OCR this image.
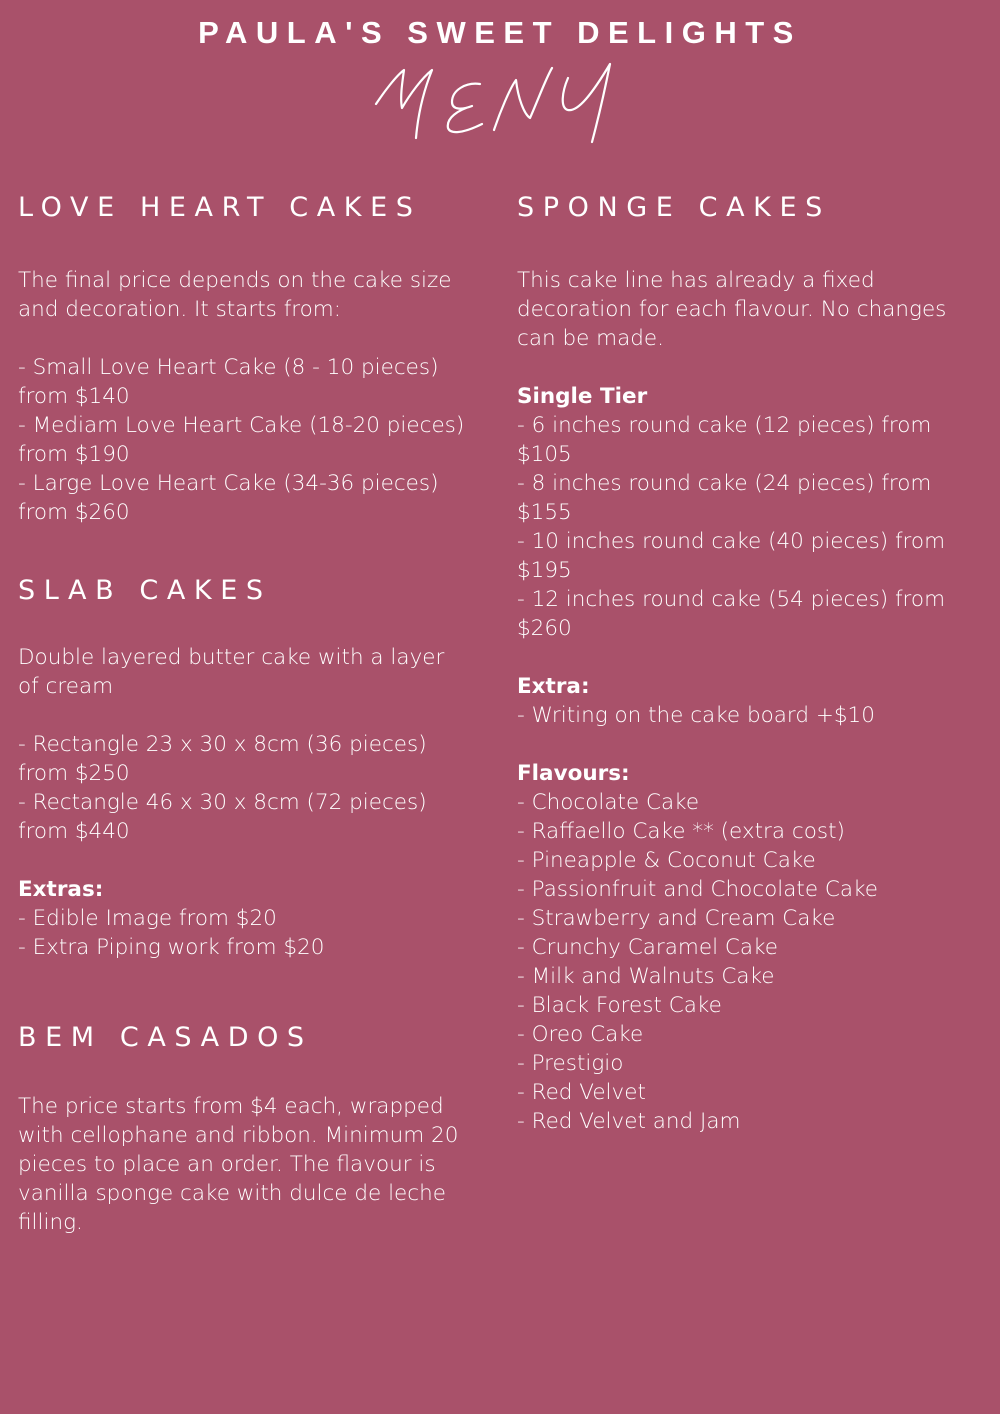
PAULA'S SWEET DELIGHTS
LOVE HEART CAKES

The final price depends on the cake size and decoration. It starts from:

- Small Love Heart Cake (8 - 10 pieces) from $140

- Mediam Love Heart Cake (18-20 pieces) from $190

- Large Love Heart Cake (34-36 pieces) from $260

SLAB CAKES

Double layered butter cake with a layer of cream

- Rectangle 23 x 30 x 8cm (36 pieces) from $250

- Rectangle 46 x 30 x 8cm (72 pieces) from $440

Extras:

- Edible Image from $20

- Extra Piping work from $20

BEM CASADOS

The price starts from $4 each, wrapped with cellophane and ribbon. Minimum 20 pieces to place an order. The flavour is vanilla sponge cake with dulce de leche filling.

SPONGE CAKES

This cake line has already a fixed decoration for each flavour. No changes can be made.

Single Tier

- 6 inches round cake (12 pieces) from $105

- 8 inches round cake (24 pieces) from $155

- 10 inches round cake (40 pieces) from $195

- 12 inches round cake (54 pieces) from $260

Extra:

- Writing on the cake board +$10

Flavours:

- Chocolate Cake

- Raffaello Cake ** (extra cost)

- Pineapple & Coconut Cake

- Passionfruit and Chocolate Cake

- Strawberry and Cream Cake

- Crunchy Caramel Cake

- Milk and Walnuts Cake

- Black Forest Cake

- Oreo Cake

- Prestigio

- Red Velvet

- Red Velvet and Jam
